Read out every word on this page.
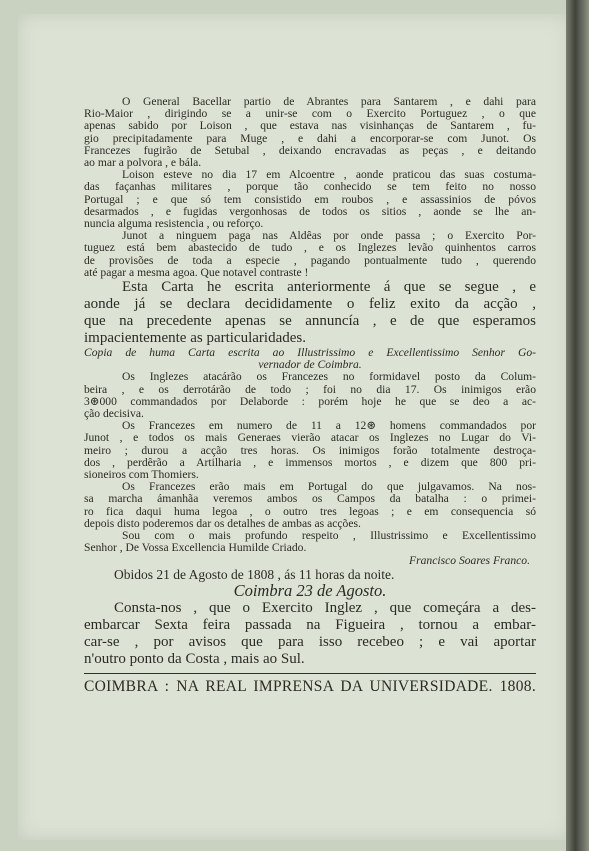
O General Bacellar partio de Abrantes para Santarem , e dahi para
Rio-Maior , dirigindo se a unir-se com o Exercito Portuguez , o que
apenas sabido por Loison , que estava nas visinhanças de Santarem , fu-
gio precipitadamente para Muge , e dahi a encorporar-se com Junot. Os
Francezes fugirão de Setubal , deixando encravadas as peças , e deitando
ao mar a polvora , e bála.
Loison esteve no dia 17 em Alcoentre , aonde praticou das suas costuma-
das façanhas militares , porque tão conhecido se tem feito no nosso
Portugal ; e que só tem consistido em roubos , e assassinios de póvos
desarmados , e fugidas vergonhosas de todos os sitios , aonde se lhe an-
nuncia alguma resistencia , ou reforço.
Junot a ninguem paga nas Aldêas por onde passa ; o Exercito Por-
tuguez está bem abastecido de tudo , e os Inglezes levão quinhentos carros
de provisões de toda a especie , pagando pontualmente tudo , querendo
até pagar a mesma agoa. Que notavel contraste !
Esta Carta he escrita anteriormente á que se segue , e
aonde já se declara decididamente o feliz exito da acção ,
que na precedente apenas se annuncía , e de que esperamos
impacientemente as particularidades.
Copia de huma Carta escrita ao Illustrissimo e Excellentissimo Senhor Go-
vernador de Coimbra.
Os Inglezes atacárão os Francezes no formidavel posto da Colum-
beira , e os derrotárão de todo ; foi no dia 17. Os inimigos erão
3⊛000 commandados por Delaborde : porém hoje he que se deo a ac-
ção decisiva.
Os Francezes em numero de 11 a 12⊛ homens commandados por
Junot , e todos os mais Generaes vierão atacar os Inglezes no Lugar do Vi-
meiro ; durou a acção tres horas. Os inimigos forão totalmente destroça-
dos , perdêrão a Artilharia , e immensos mortos , e dizem que 800 pri-
sioneiros com Thomiers.
Os Francezes erão mais em Portugal do que julgavamos. Na nos-
sa marcha ámanhãa veremos ambos os Campos da batalha : o primei-
ro fica daqui huma legoa , o outro tres legoas ; e em consequencia só
depois disto poderemos dar os detalhes de ambas as acções.
Sou com o mais profundo respeito , Illustrissimo e Excellentissimo
Senhor , De Vossa Excellencia Humilde Criado.
Francisco Soares Franco.
Obidos 21 de Agosto de 1808 , ás 11 horas da noite.
Coimbra 23 de Agosto.
Consta-nos , que o Exercito Inglez , que começára a des-
embarcar Sexta feira passada na Figueira , tornou a embar-
car-se , por avisos que para isso recebeo ; e vai aportar
n'outro ponto da Costa , mais ao Sul.
COIMBRA : NA REAL IMPRENSA DA UNIVERSIDADE. 1808.
